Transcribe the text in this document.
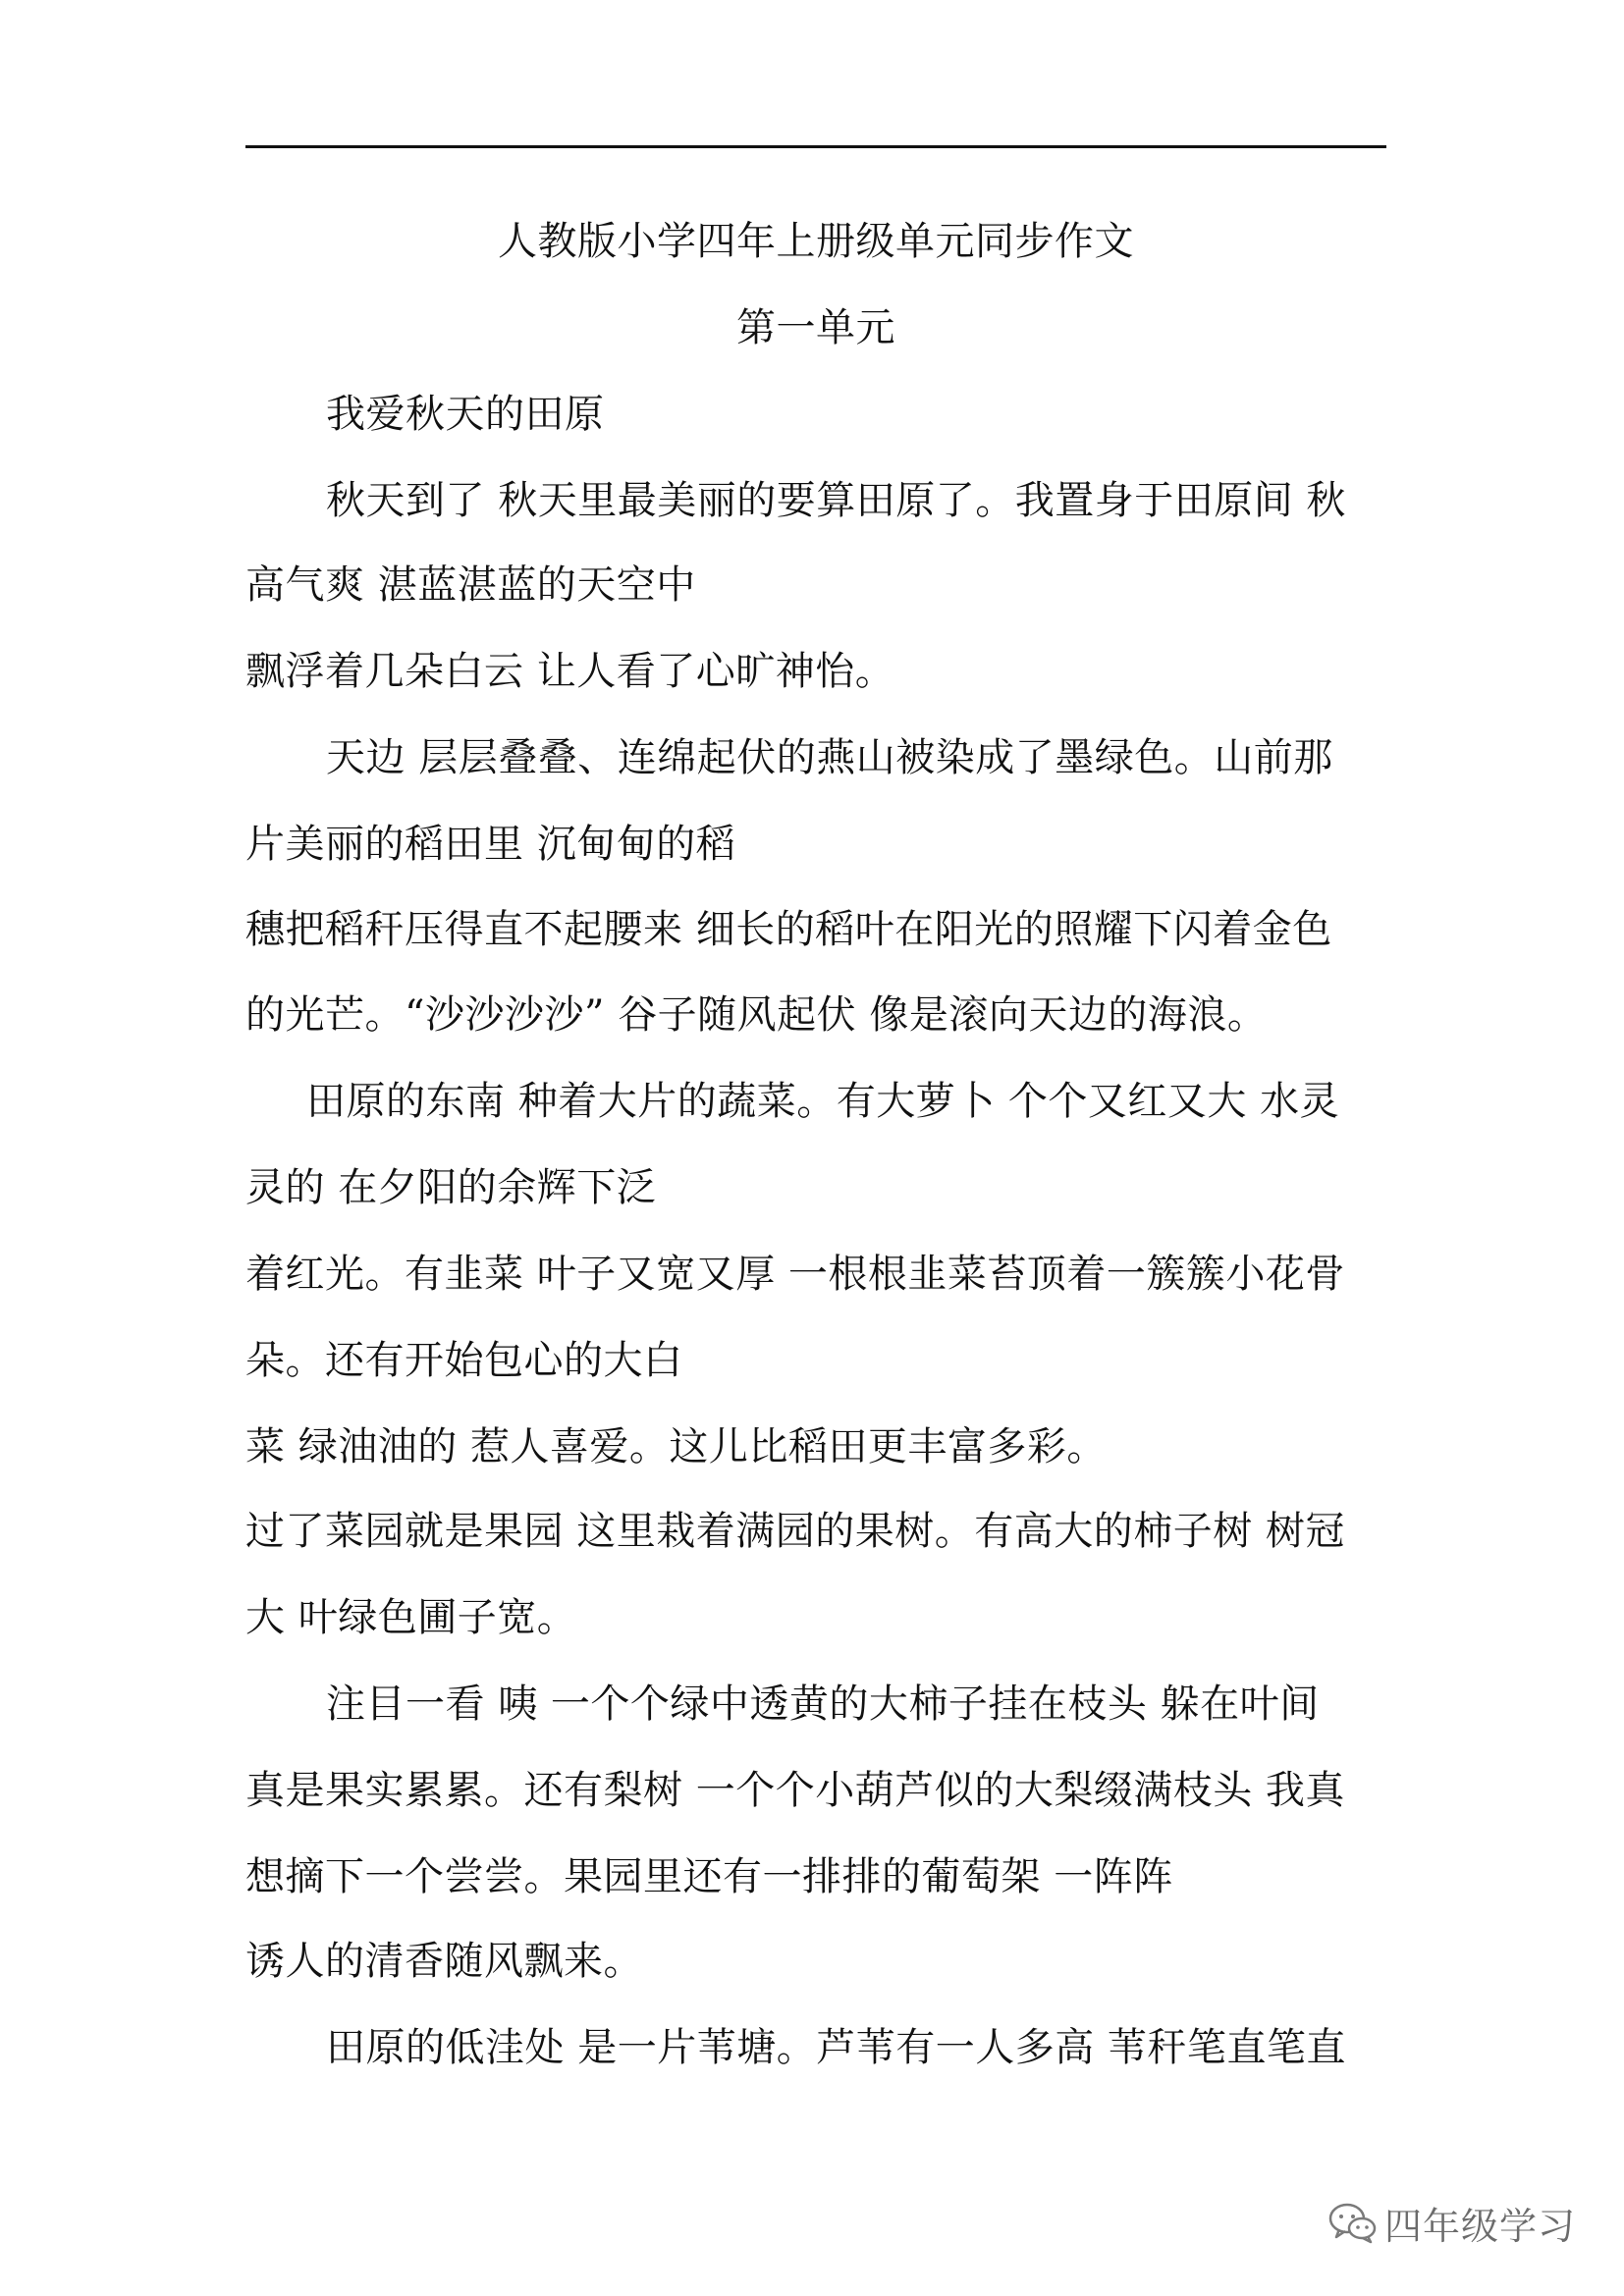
人教版小学四年上册级单元同步作文
第一单元
我爱秋天的田原
秋天到了 秋天里最美丽的要算田原了。我置身于田原间 秋
高气爽 湛蓝湛蓝的天空中
飘浮着几朵白云 让人看了心旷神怡。
天边 层层叠叠、连绵起伏的燕山被染成了墨绿色。山前那
片美丽的稻田里 沉甸甸的稻
穗把稻秆压得直不起腰来 细长的稻叶在阳光的照耀下闪着金色
的光芒。“沙沙沙沙” 谷子随风起伏 像是滚向天边的海浪。
田原的东南 种着大片的蔬菜。有大萝卜 个个又红又大 水灵
灵的 在夕阳的余辉下泛
着红光。有韭菜 叶子又宽又厚 一根根韭菜苔顶着一簇簇小花骨
朵。还有开始包心的大白
菜 绿油油的 惹人喜爱。这儿比稻田更丰富多彩。
过了菜园就是果园 这里栽着满园的果树。有高大的柿子树 树冠
大 叶绿色圃子宽。
注目一看 咦 一个个绿中透黄的大柿子挂在枝头 躲在叶间
真是果实累累。还有梨树 一个个小葫芦似的大梨缀满枝头 我真
想摘下一个尝尝。果园里还有一排排的葡萄架 一阵阵
诱人的清香随风飘来。
田原的低洼处 是一片苇塘。芦苇有一人多高 苇秆笔直笔直
四年级学习
